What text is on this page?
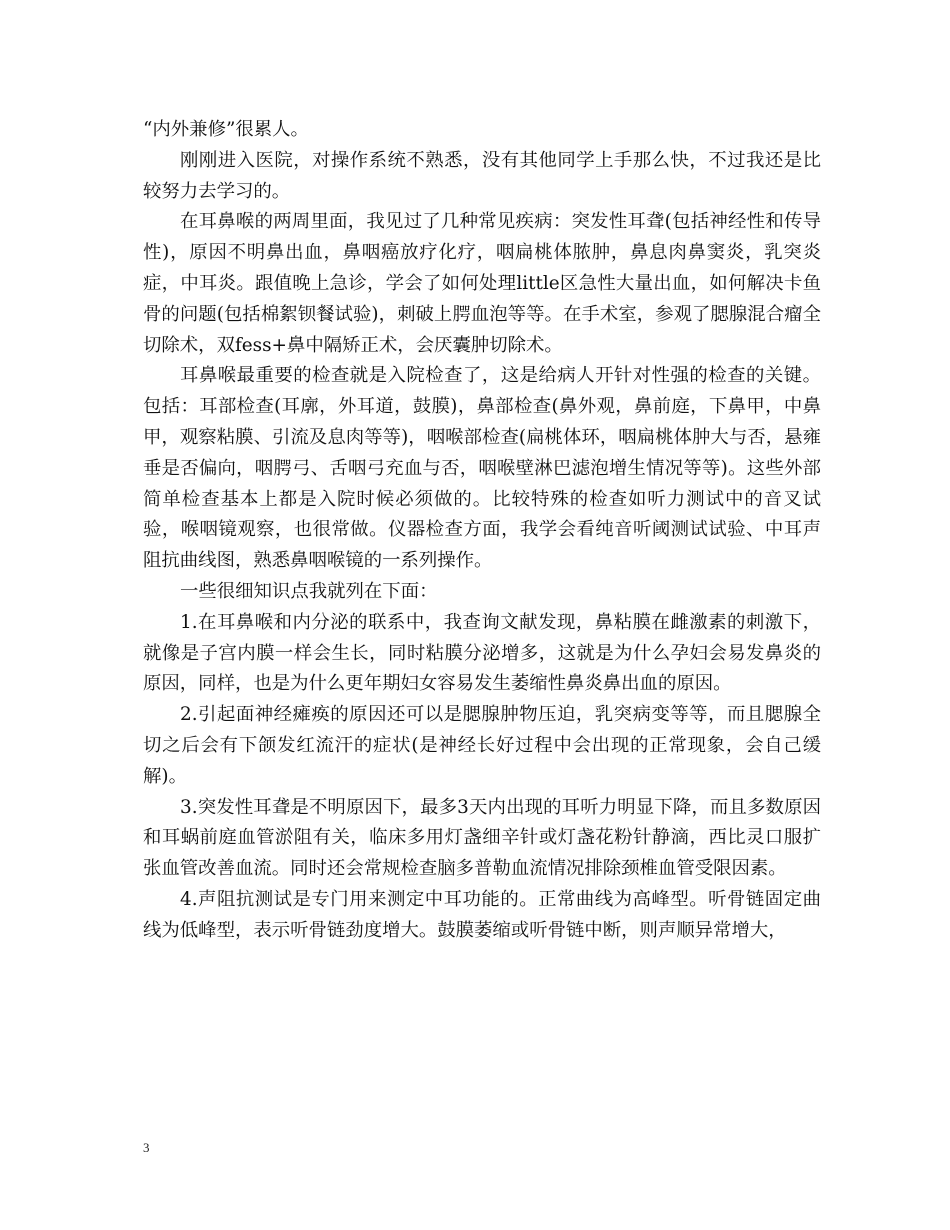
“内外兼修”很累人。

刚刚进入医院，对操作系统不熟悉，没有其他同学上手那么快，不过我还是比较努力去学习的。

在耳鼻喉的两周里面，我见过了几种常见疾病：突发性耳聋(包括神经性和传导性)，原因不明鼻出血，鼻咽癌放疗化疗，咽扁桃体脓肿，鼻息肉鼻窦炎，乳突炎症，中耳炎。跟值晚上急诊，学会了如何处理little区急性大量出血，如何解决卡鱼骨的问题(包括棉絮钡餐试验)，刺破上腭血泡等等。在手术室，参观了腮腺混合瘤全切除术，双fess+鼻中隔矫正术，会厌囊肿切除术。

耳鼻喉最重要的检查就是入院检查了，这是给病人开针对性强的检查的关键。包括：耳部检查(耳廓，外耳道，鼓膜)，鼻部检查(鼻外观，鼻前庭，下鼻甲，中鼻甲，观察粘膜、引流及息肉等等)，咽喉部检查(扁桃体环，咽扁桃体肿大与否，悬雍垂是否偏向，咽腭弓、舌咽弓充血与否，咽喉壁淋巴滤泡增生情况等等)。这些外部简单检查基本上都是入院时候必须做的。比较特殊的检查如听力测试中的音叉试验，喉咽镜观察，也很常做。仪器检查方面，我学会看纯音听阈测试试验、中耳声阻抗曲线图，熟悉鼻咽喉镜的一系列操作。

一些很细知识点我就列在下面：

1.在耳鼻喉和内分泌的联系中，我查询文献发现，鼻粘膜在雌激素的刺激下，就像是子宫内膜一样会生长，同时粘膜分泌增多，这就是为什么孕妇会易发鼻炎的原因，同样，也是为什么更年期妇女容易发生萎缩性鼻炎鼻出血的原因。

2.引起面神经瘫痪的原因还可以是腮腺肿物压迫，乳突病变等等，而且腮腺全切之后会有下颌发红流汗的症状(是神经长好过程中会出现的正常现象，会自己缓解)。

3.突发性耳聋是不明原因下，最多3天内出现的耳听力明显下降，而且多数原因和耳蜗前庭血管淤阻有关，临床多用灯盏细辛针或灯盏花粉针静滴，西比灵口服扩张血管改善血流。同时还会常规检查脑多普勒血流情况排除颈椎血管受限因素。

4.声阻抗测试是专门用来测定中耳功能的。正常曲线为高峰型。听骨链固定曲线为低峰型，表示听骨链劲度增大。鼓膜萎缩或听骨链中断，则声顺异常增大，

3
